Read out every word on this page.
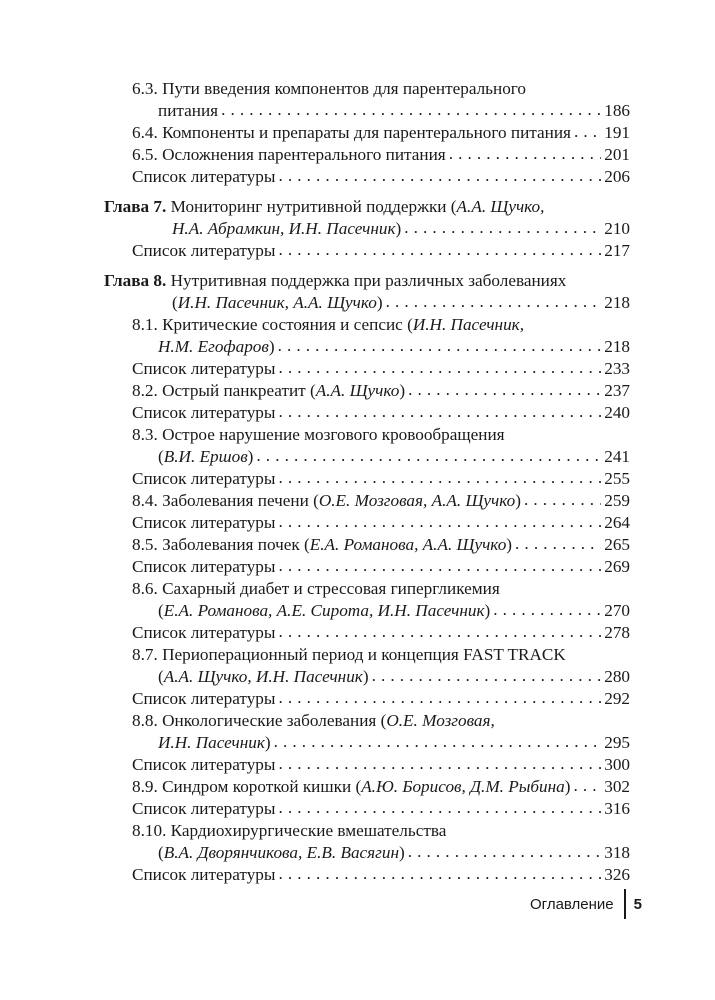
6.3. Пути введения компонентов для парентерального
питания . . .	186
6.4. Компоненты и препараты для парентерального питания . . . 191
6.5. Осложнения парентерального питания . . .	201
Список литературы . . .	206
Глава 7. Мониторинг нутритивной поддержки (А.А. Щучко,
Н.А. Абрамкин, И.Н. Пасечник) . . .	210
Список литературы . . .	217
Глава 8. Нутритивная поддержка при различных заболеваниях
(И.Н. Пасечник, А.А. Щучко) . . .	218
8.1. Критические состояния и сепсис (И.Н. Пасечник,
Н.М. Егофаров) . . .	218
Список литературы . . .	233
8.2. Острый панкреатит (А.А. Щучко) . . .	237
Список литературы . . .	240
8.3. Острое нарушение мозгового кровообращения
(В.И. Ершов) . . .	241
Список литературы . . .	255
8.4. Заболевания печени (О.Е. Мозговая, А.А. Щучко) . . .	259
Список литературы . . .	264
8.5. Заболевания почек (Е.А. Романова, А.А. Щучко) . . .	265
Список литературы . . .	269
8.6. Сахарный диабет и стрессовая гипергликемия
(Е.А. Романова, А.Е. Сирота, И.Н. Пасечник) . . .	270
Список литературы . . .	278
8.7. Периоперационный период и концепция FAST TRACK
(А.А. Щучко, И.Н. Пасечник) . . .	280
Список литературы . . .	292
8.8. Онкологические заболевания (О.Е. Мозговая,
И.Н. Пасечник) . . .	295
Список литературы . . .	300
8.9. Синдром короткой кишки (А.Ю. Борисов, Д.М. Рыбина) . . . 302
Список литературы . . .	316
8.10. Кардиохирургические вмешательства
(В.А. Дворянчикова, Е.В. Васягин) . . .	318
Список литературы . . .	326
Оглавление 5
